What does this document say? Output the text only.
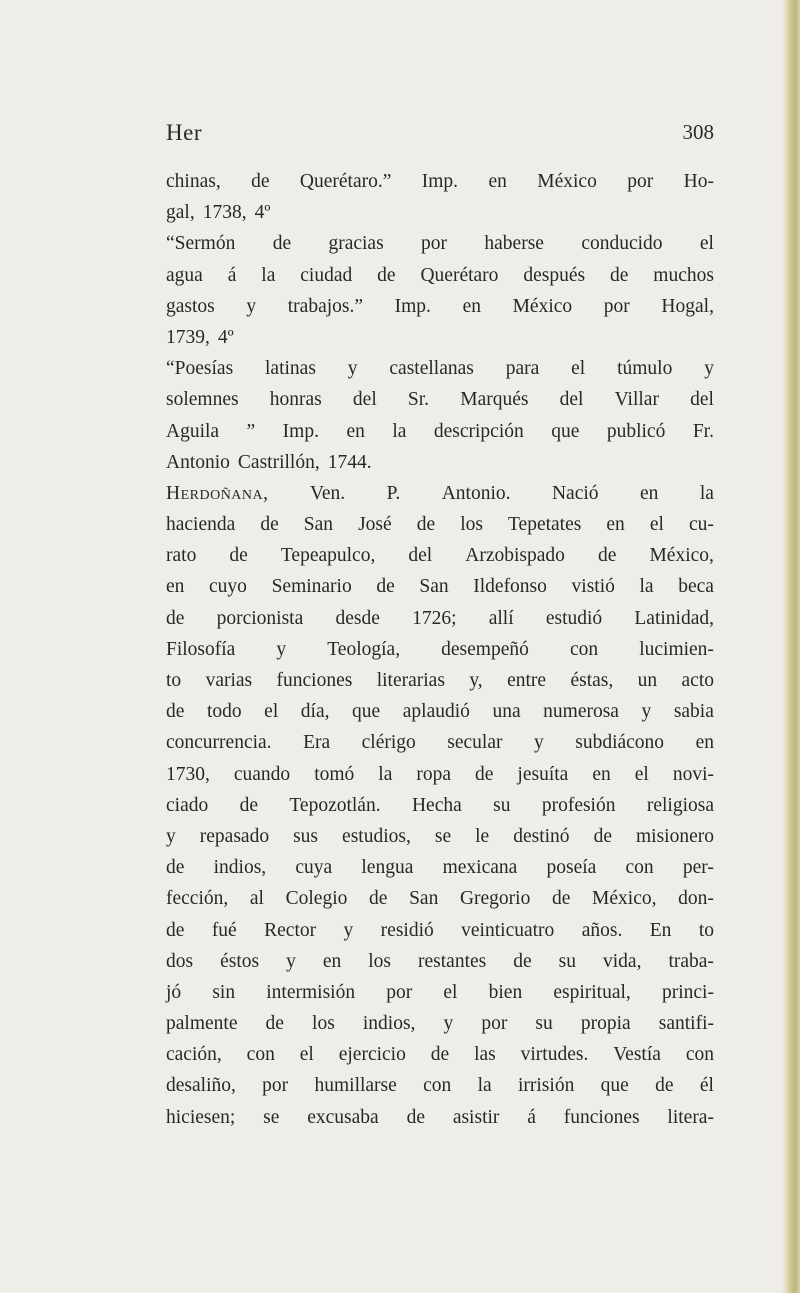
Her	308
chinas, de Querétaro.” Imp. en México por Ho-
gal, 1738, 4º
“Sermón de gracias por haberse conducido el
agua á la ciudad de Querétaro después de muchos
gastos y trabajos.” Imp. en México por Hogal,
1739, 4º
“Poesías latinas y castellanas para el túmulo y
solemnes honras del Sr. Marqués del Villar del
Aguila ” Imp. en la descripción que publicó Fr.
Antonio Castrillón, 1744.
Herdoñana, Ven. P. Antonio. Nació en la
hacienda de San José de los Tepetates en el cu-
rato de Tepeapulco, del Arzobispado de México,
en cuyo Seminario de San Ildefonso vistió la beca
de porcionista desde 1726; allí estudió Latinidad,
Filosofía y Teología, desempeñó con lucimien-
to varias funciones literarias y, entre éstas, un acto
de todo el día, que aplaudió una numerosa y sabia
concurrencia. Era clérigo secular y subdiácono en
1730, cuando tomó la ropa de jesuíta en el novi-
ciado de Tepozotlán. Hecha su profesión religiosa
y repasado sus estudios, se le destinó de misionero
de indios, cuya lengua mexicana poseía con per-
fección, al Colegio de San Gregorio de México, don-
de fué Rector y residió veinticuatro años. En to
dos éstos y en los restantes de su vida, traba-
jó sin intermisión por el bien espiritual, princi-
palmente de los indios, y por su propia santifi-
cación, con el ejercicio de las virtudes. Vestía con
desaliño, por humillarse con la irrisión que de él
hiciesen; se excusaba de asistir á funciones litera-
